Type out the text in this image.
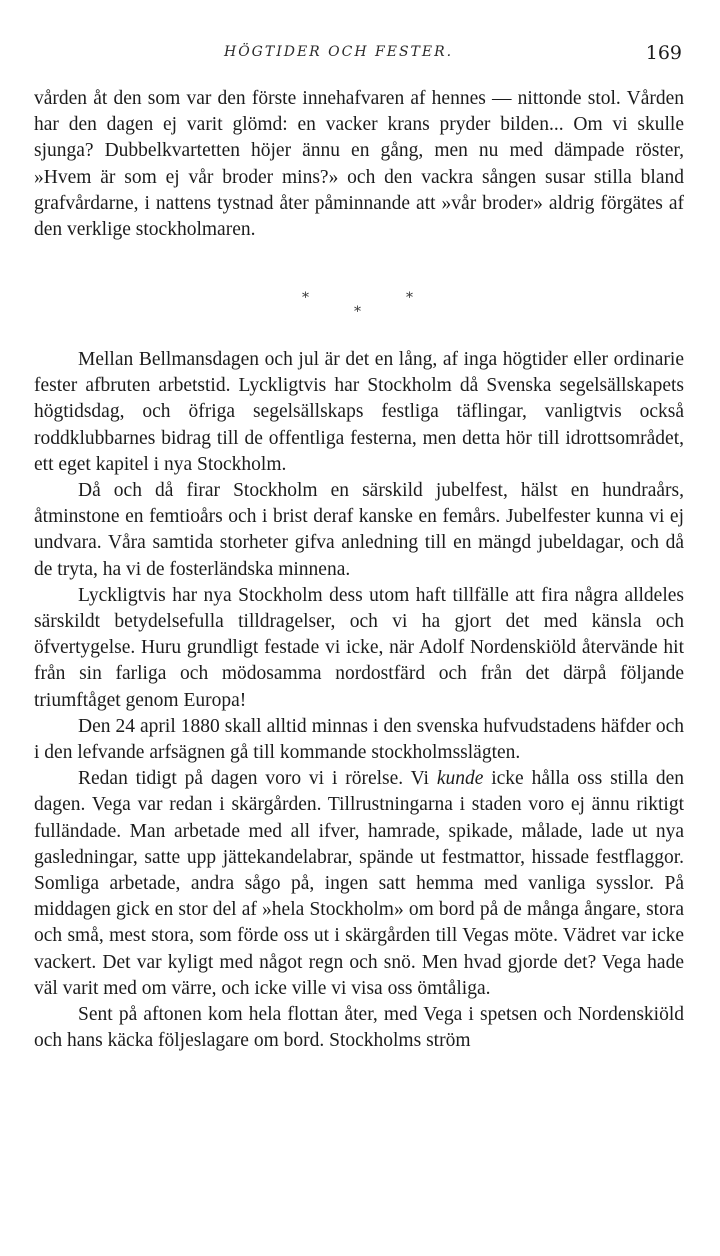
HÖGTIDER OCH FESTER.	169

vården åt den som var den förste innehafvaren af hennes — nittonde stol. Vården har den dagen ej varit glömd: en vacker krans pryder bilden... Om vi skulle sjunga? Dubbelkvartetten höjer ännu en gång, men nu med dämpade röster, »Hvem är som ej vår broder mins?» och den vackra sången susar stilla bland grafvårdarne, i nattens tystnad åter påminnande att »vår broder» aldrig förgätes af den verklige stockholmaren.

*	*
*

Mellan Bellmansdagen och jul är det en lång, af inga högtider eller ordinarie fester afbruten arbetstid. Lyckligtvis har Stockholm då Svenska segelsällskapets högtidsdag, och öfriga segelsällskaps festliga täflingar, vanligtvis också roddklubbarnes bidrag till de offentliga festerna, men detta hör till idrottsområdet, ett eget kapitel i nya Stockholm.

Då och då firar Stockholm en särskild jubelfest, hälst en hundraårs, åtminstone en femtioårs och i brist deraf kanske en femårs. Jubelfester kunna vi ej undvara. Våra samtida storheter gifva anledning till en mängd jubeldagar, och då de tryta, ha vi de fosterländska minnena.

Lyckligtvis har nya Stockholm dess utom haft tillfälle att fira några alldeles särskildt betydelsefulla tilldragelser, och vi ha gjort det med känsla och öfvertygelse. Huru grundligt festade vi icke, när Adolf Nordenskiöld återvände hit från sin farliga och mödosamma nordostfärd och från det därpå följande triumftåget genom Europa!

Den 24 april 1880 skall alltid minnas i den svenska hufvudstadens häfder och i den lefvande arfsägnen gå till kommande stockholmsslägten.

Redan tidigt på dagen voro vi i rörelse. Vi kunde icke hålla oss stilla den dagen. Vega var redan i skärgården. Tillrustningarna i staden voro ej ännu riktigt fulländade. Man arbetade med all ifver, hamrade, spikade, målade, lade ut nya gasledningar, satte upp jättekandelabrar, spände ut festmattor, hissade festflaggor. Somliga arbetade, andra sågo på, ingen satt hemma med vanliga sysslor. På middagen gick en stor del af »hela Stockholm» om bord på de många ångare, stora och små, mest stora, som förde oss ut i skärgården till Vegas möte. Vädret var icke vackert. Det var kyligt med något regn och snö. Men hvad gjorde det? Vega hade väl varit med om värre, och icke ville vi visa oss ömtåliga.

Sent på aftonen kom hela flottan åter, med Vega i spetsen och Nordenskiöld och hans käcka följeslagare om bord. Stockholms ström
